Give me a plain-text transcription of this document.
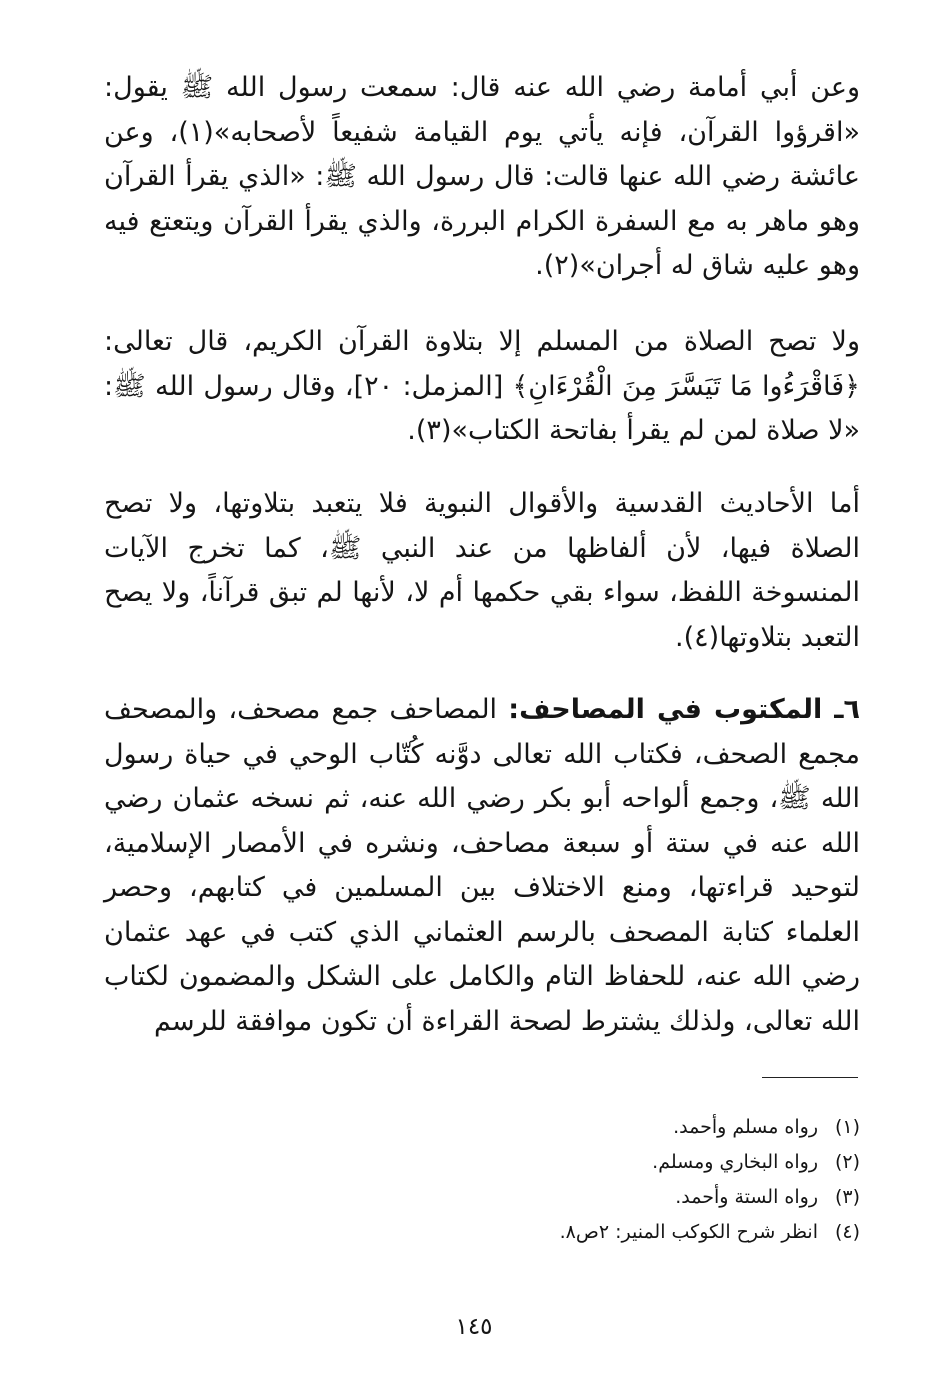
وعن أبي أمامة رضي الله عنه قال: سمعت رسول الله ﷺ يقول: «اقرؤوا القرآن، فإنه يأتي يوم القيامة شفيعاً لأصحابه»(١)، وعن عائشة رضي الله عنها قالت: قال رسول الله ﷺ: «الذي يقرأ القرآن وهو ماهر به مع السفرة الكرام البررة، والذي يقرأ القرآن ويتعتع فيه وهو عليه شاق له أجران»(٢).

ولا تصح الصلاة من المسلم إلا بتلاوة القرآن الكريم، قال تعالى: ﴿فَاقْرَءُوا مَا تَيَسَّرَ مِنَ الْقُرْءَانِ﴾ [المزمل: ٢٠]، وقال رسول الله ﷺ: «لا صلاة لمن لم يقرأ بفاتحة الكتاب»(٣).

أما الأحاديث القدسية والأقوال النبوية فلا يتعبد بتلاوتها، ولا تصح الصلاة فيها، لأن ألفاظها من عند النبي ﷺ، كما تخرج الآيات المنسوخة اللفظ، سواء بقي حكمها أم لا، لأنها لم تبق قرآناً، ولا يصح التعبد بتلاوتها(٤).

٦ـ المكتوب في المصاحف: المصاحف جمع مصحف، والمصحف مجمع الصحف، فكتاب الله تعالى دوَّنه كُتّاب الوحي في حياة رسول الله ﷺ، وجمع ألواحه أبو بكر رضي الله عنه، ثم نسخه عثمان رضي الله عنه في ستة أو سبعة مصاحف، ونشره في الأمصار الإسلامية، لتوحيد قراءتها، ومنع الاختلاف بين المسلمين في كتابهم، وحصر العلماء كتابة المصحف بالرسم العثماني الذي كتب في عهد عثمان رضي الله عنه، للحفاظ التام والكامل على الشكل والمضمون لكتاب الله تعالى، ولذلك يشترط لصحة القراءة أن تكون موافقة للرسم

(١)رواه مسلم وأحمد.
(٢)رواه البخاري ومسلم.
(٣)رواه الستة وأحمد.
(٤)انظر شرح الكوكب المنير: ٢ص٨.
١٤٥
